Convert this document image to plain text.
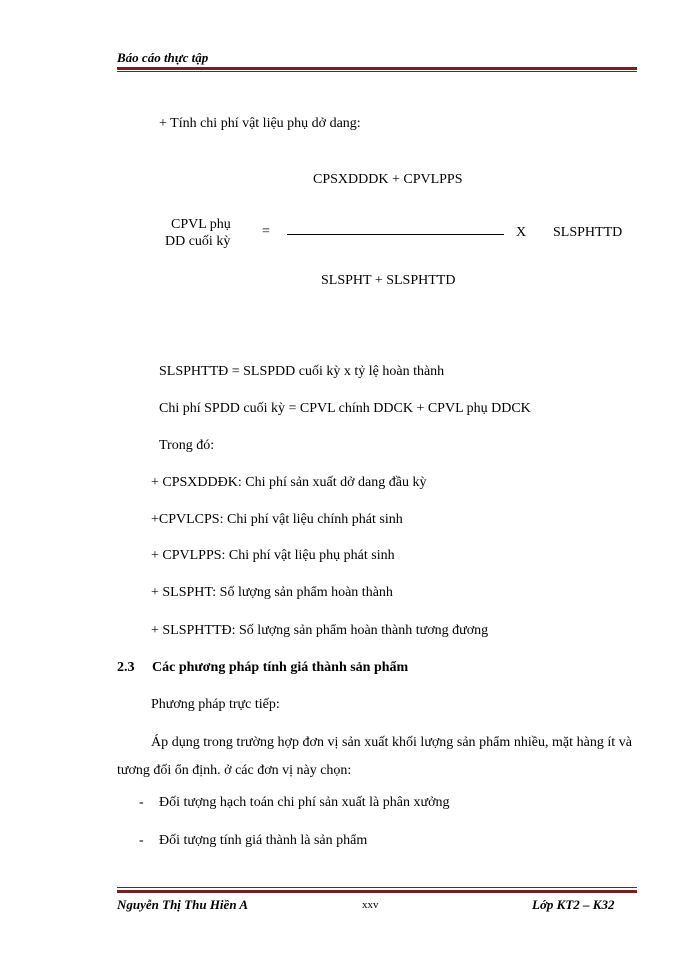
Báo cáo thực tập
+ Tính chi phí vật liệu phụ dở dang:
CPSXDDDK + CPVLPPS
CPVL phụ
DD cuối kỳ
=	X SLSPHTTD
SLSPHT + SLSPHTTD
SLSPHTTĐ = SLSPDD cuối kỳ x tỷ lệ hoàn thành
Chi phí SPDD cuối kỳ = CPVL chính DDCK + CPVL phụ DDCK
Trong đó:
+ CPSXDDĐK: Chi phí sản xuất dở dang đầu kỳ
+CPVLCPS: Chi phí vật liệu chính phát sinh
+ CPVLPPS: Chi phí vật liệu phụ phát sinh
+ SLSPHT: Số lượng sản phẩm hoàn thành
+ SLSPHTTĐ: Số lượng sản phẩm hoàn thành tương đương
2.3 Các phương pháp tính giá thành sản phẩm
Phương pháp trực tiếp:
Áp dụng trong trường hợp đơn vị sản xuất khối lượng sản phẩm nhiều, mặt hàng ít và tương đối ổn định. ở các đơn vị này chọn:
- Đối tượng hạch toán chi phí sản xuất là phân xưởng
- Đối tượng tính giá thành là sản phẩm
Nguyễn Thị Thu Hiền A	xxv	Lớp KT2 – K32
